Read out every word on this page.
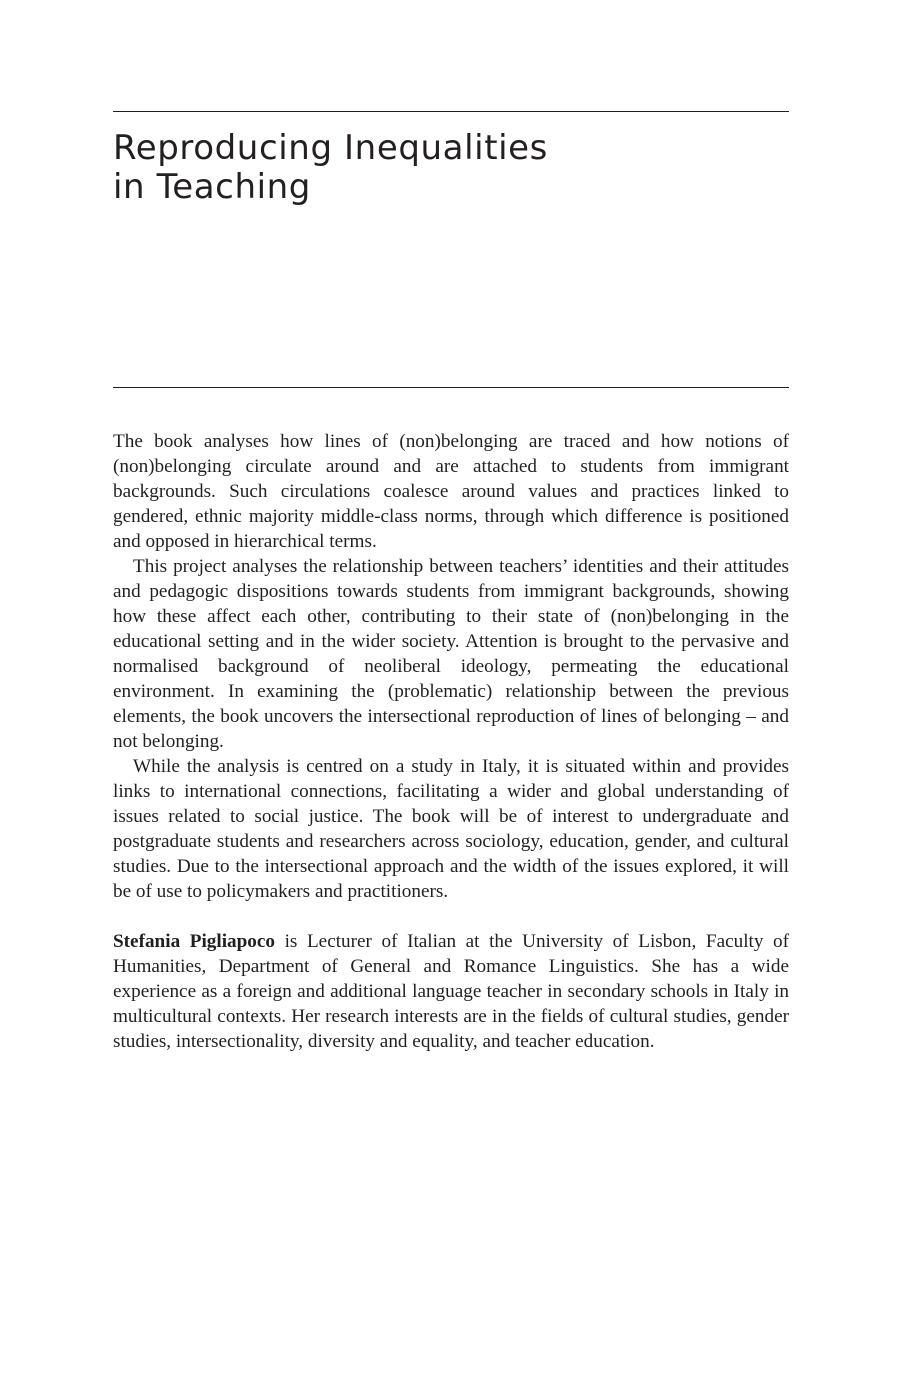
Reproducing Inequalities
in Teaching

The book analyses how lines of (non)belonging are traced and how notions of (non)belonging circulate around and are attached to students from immigrant backgrounds. Such circulations coalesce around values and practices linked to gendered, ethnic majority middle-class norms, through which difference is positioned and opposed in hierarchical terms.

This project analyses the relationship between teachers’ identities and their attitudes and pedagogic dispositions towards students from immigrant backgrounds, showing how these affect each other, contributing to their state of (non)belonging in the educational setting and in the wider society. Attention is brought to the pervasive and normalised background of neoliberal ideology, permeating the educational environment. In examining the (problematic) relationship between the previous elements, the book uncovers the intersectional reproduction of lines of belonging – and not belonging.

While the analysis is centred on a study in Italy, it is situated within and provides links to international connections, facilitating a wider and global understanding of issues related to social justice. The book will be of interest to undergraduate and postgraduate students and researchers across sociology, education, gender, and cultural studies. Due to the intersectional approach and the width of the issues explored, it will be of use to policymakers and practitioners.

Stefania Pigliapoco is Lecturer of Italian at the University of Lisbon, Faculty of Humanities, Department of General and Romance Linguistics. She has a wide experience as a foreign and additional language teacher in secondary schools in Italy in multicultural contexts. Her research interests are in the fields of cultural studies, gender studies, intersectionality, diversity and equality, and teacher education.
